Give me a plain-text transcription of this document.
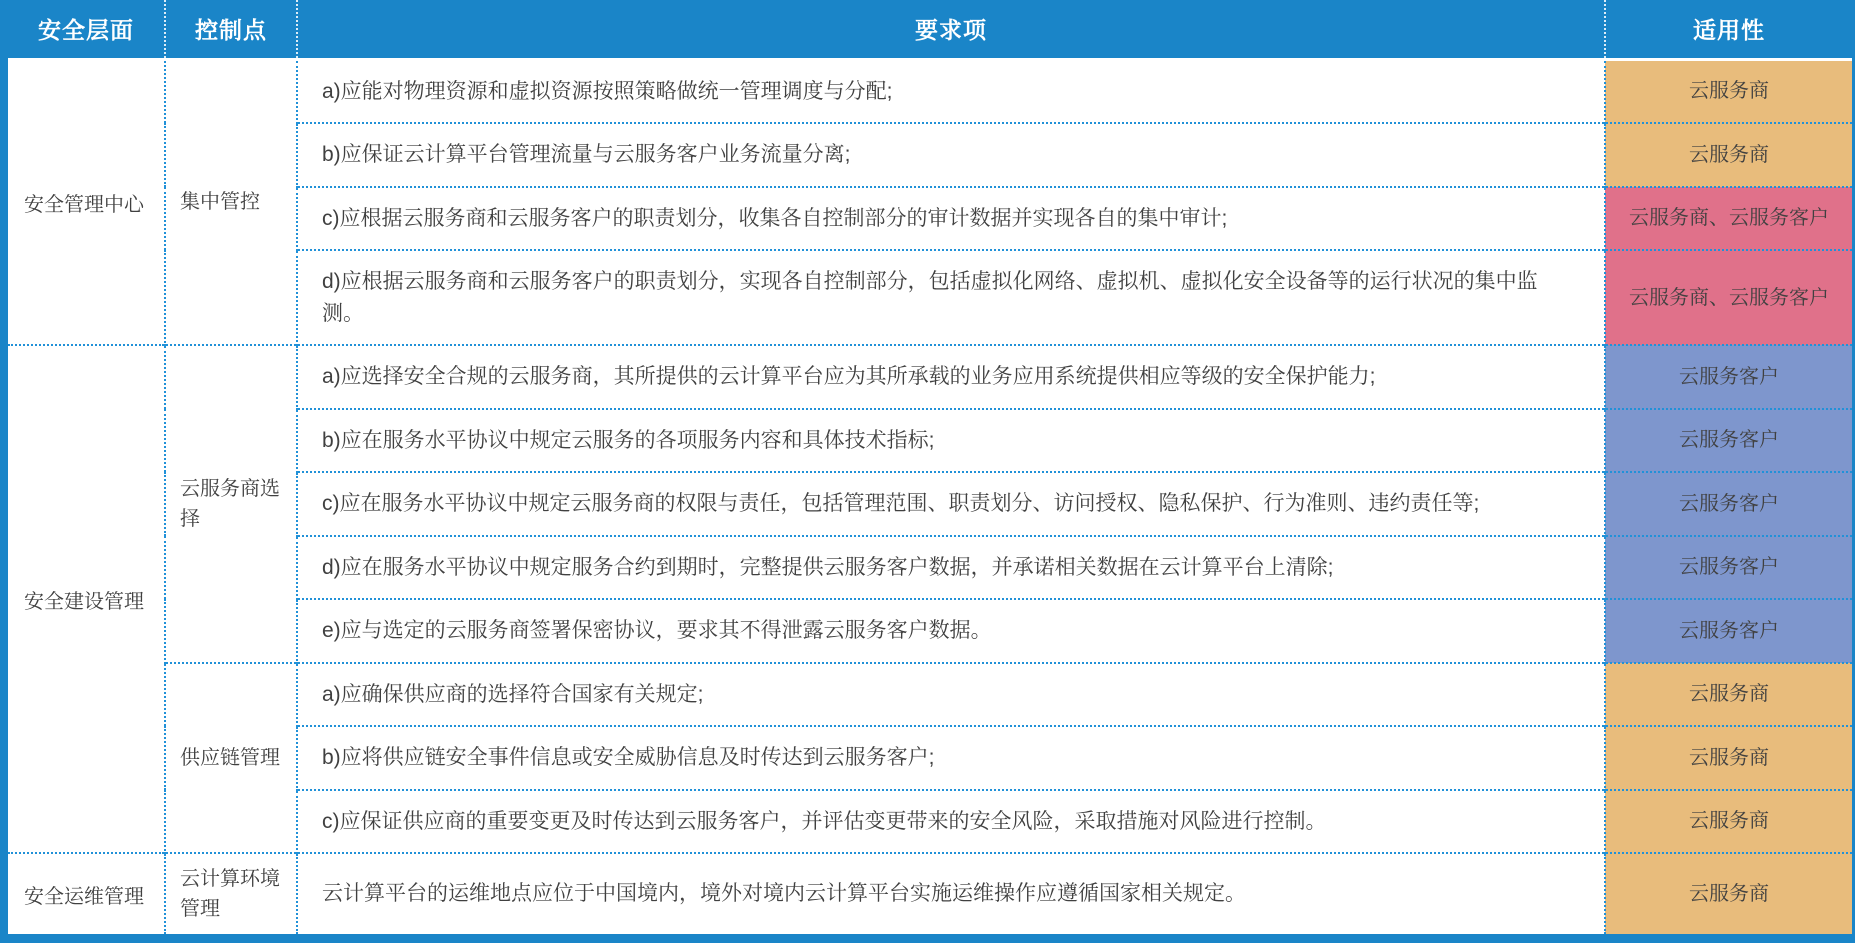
安全层面	控制点	要求项	适用性
安全管理中心	集中管控	a)应能对物理资源和虚拟资源按照策略做统一管理调度与分配;	云服务商
		b)应保证云计算平台管理流量与云服务客户业务流量分离;	云服务商
		c)应根据云服务商和云服务客户的职责划分，收集各自控制部分的审计数据并实现各自的集中审计;	云服务商、云服务客户
		d)应根据云服务商和云服务客户的职责划分，实现各自控制部分，包括虚拟化网络、虚拟机、虚拟化安全设备等的运行状况的集中监测。	云服务商、云服务客户
安全建设管理	云服务商选择	a)应选择安全合规的云服务商，其所提供的云计算平台应为其所承载的业务应用系统提供相应等级的安全保护能力;	云服务客户
		b)应在服务水平协议中规定云服务的各项服务内容和具体技术指标;	云服务客户
		c)应在服务水平协议中规定云服务商的权限与责任，包括管理范围、职责划分、访问授权、隐私保护、行为准则、违约责任等;	云服务客户
		d)应在服务水平协议中规定服务合约到期时，完整提供云服务客户数据，并承诺相关数据在云计算平台上清除;	云服务客户
		e)应与选定的云服务商签署保密协议，要求其不得泄露云服务客户数据。	云服务客户
	供应链管理	a)应确保供应商的选择符合国家有关规定;	云服务商
		b)应将供应链安全事件信息或安全威胁信息及时传达到云服务客户;	云服务商
		c)应保证供应商的重要变更及时传达到云服务客户，并评估变更带来的安全风险，采取措施对风险进行控制。	云服务商
安全运维管理	云计算环境管理	云计算平台的运维地点应位于中国境内，境外对境内云计算平台实施运维操作应遵循国家相关规定。	云服务商
